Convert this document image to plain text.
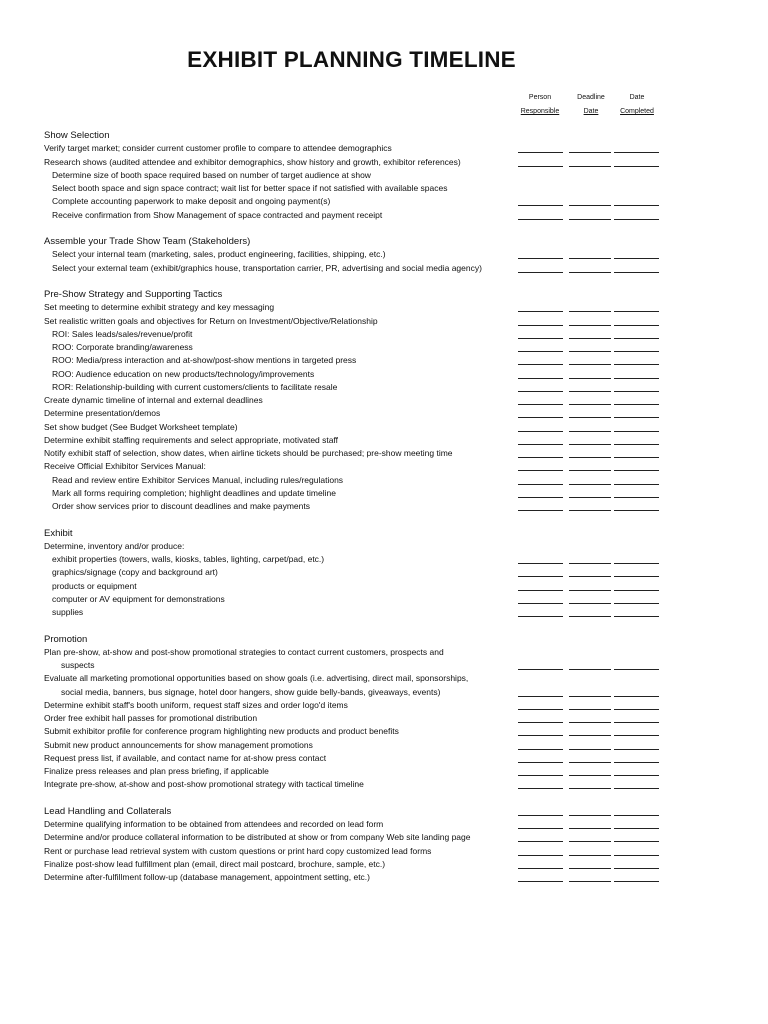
EXHIBIT PLANNING TIMELINE
Person
Responsible
Deadline
Date
Date
Completed
Show Selection
Verify target market; consider current customer profile to compare to attendee demographics
Research shows (audited attendee and exhibitor demographics, show history and growth, exhibitor references)
Determine size of booth space required based on number of target audience at show
Select booth space and sign space contract; wait list for better space if not satisfied with available spaces
Complete accounting paperwork to make deposit and ongoing payment(s)
Receive confirmation from Show Management of space contracted and payment receipt
Assemble your Trade Show Team (Stakeholders)
Select your internal team (marketing, sales, product engineering, facilities, shipping, etc.)
Select your external team (exhibit/graphics house, transportation carrier, PR, advertising and social media agency)
Pre-Show Strategy and Supporting Tactics
Set meeting to determine exhibit strategy and key messaging
Set realistic written goals and objectives for Return on Investment/Objective/Relationship
ROI: Sales leads/sales/revenue/profit
ROO: Corporate branding/awareness
ROO: Media/press interaction and at-show/post-show mentions in targeted press
ROO: Audience education on new products/technology/improvements
ROR: Relationship-building with current customers/clients to facilitate resale
Create dynamic timeline of internal and external deadlines
Determine presentation/demos
Set show budget (See Budget Worksheet template)
Determine exhibit staffing requirements and select appropriate, motivated staff
Notify exhibit staff of selection, show dates, when airline tickets should be purchased; pre-show meeting time
Receive Official Exhibitor Services Manual:
Read and review entire Exhibitor Services Manual, including rules/regulations
Mark all forms requiring completion; highlight deadlines and update timeline
Order show services prior to discount deadlines and make payments
Exhibit
Determine, inventory and/or produce:
exhibit properties (towers, walls, kiosks, tables, lighting, carpet/pad, etc.)
graphics/signage (copy and background art)
products or equipment
computer or AV equipment for demonstrations
supplies
Promotion
Plan pre-show, at-show and post-show promotional strategies to contact current customers, prospects and
suspects
Evaluate all marketing promotional opportunities based on show goals (i.e. advertising, direct mail, sponsorships,
social media, banners, bus signage, hotel door hangers, show guide belly-bands, giveaways, events)
Determine exhibit staff's booth uniform, request staff sizes and order logo'd items
Order free exhibit hall passes for promotional distribution
Submit exhibitor profile for conference program highlighting new products and product benefits
Submit new product announcements for show management promotions
Request press list, if available, and contact name for at-show press contact
Finalize press releases and plan press briefing, if applicable
Integrate pre-show, at-show and post-show promotional strategy with tactical timeline
Lead Handling and Collaterals
Determine qualifying information to be obtained from attendees and recorded on lead form
Determine and/or produce collateral information to be distributed at show or from company Web site landing page
Rent or purchase lead retrieval system with custom questions or print hard copy customized lead forms
Finalize post-show lead fulfillment plan (email, direct mail postcard, brochure, sample, etc.)
Determine after-fulfillment follow-up (database management, appointment setting, etc.)
